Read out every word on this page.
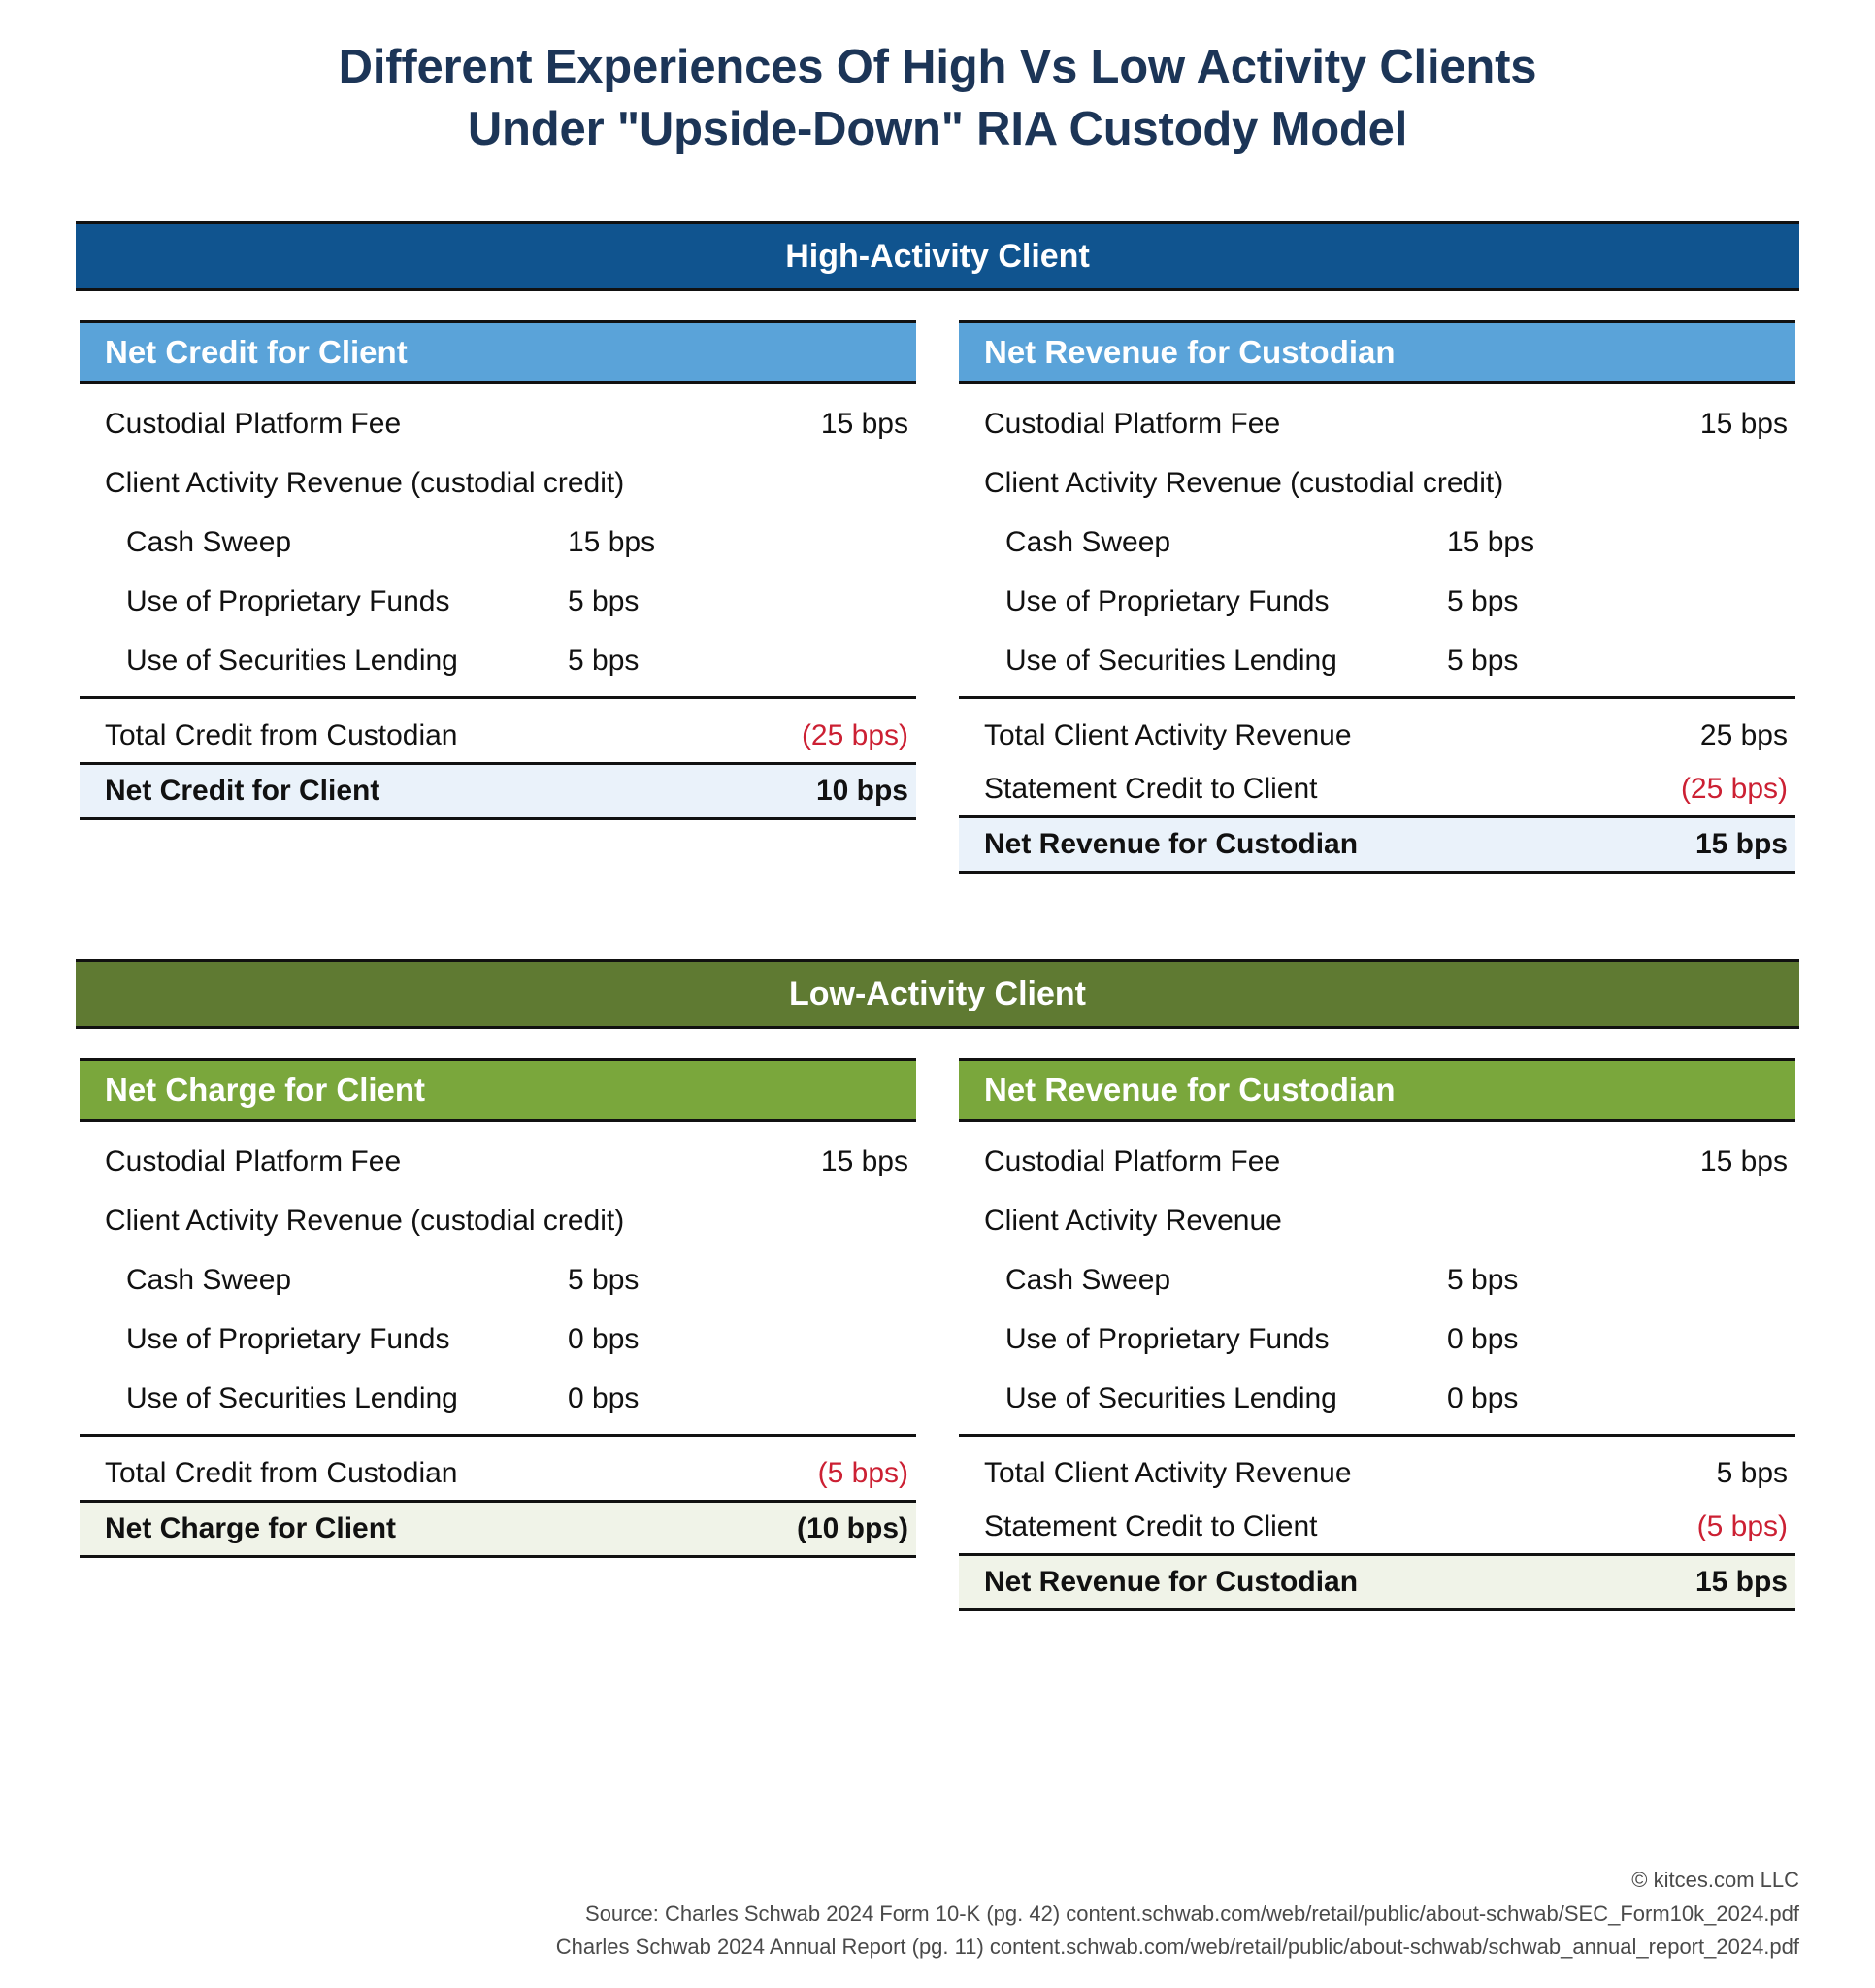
Different Experiences Of High Vs Low Activity Clients
Under "Upside-Down" RIA Custody Model
High-Activity Client
Net Credit for Client
Custodial Platform Fee	15 bps
Client Activity Revenue (custodial credit)
Cash Sweep	15 bps
Use of Proprietary Funds	5 bps
Use of Securities Lending	5 bps
Total Credit from Custodian	(25 bps)
Net Credit for Client	10 bps
Net Revenue for Custodian
Custodial Platform Fee	15 bps
Client Activity Revenue (custodial credit)
Cash Sweep	15 bps
Use of Proprietary Funds	5 bps
Use of Securities Lending	5 bps
Total Client Activity Revenue	25 bps
Statement Credit to Client	(25 bps)
Net Revenue for Custodian	15 bps
Low-Activity Client
Net Charge for Client
Custodial Platform Fee	15 bps
Client Activity Revenue (custodial credit)
Cash Sweep	5 bps
Use of Proprietary Funds	0 bps
Use of Securities Lending	0 bps
Total Credit from Custodian	(5 bps)
Net Charge for Client	(10 bps)
Net Revenue for Custodian
Custodial Platform Fee	15 bps
Client Activity Revenue
Cash Sweep	5 bps
Use of Proprietary Funds	0 bps
Use of Securities Lending	0 bps
Total Client Activity Revenue	5 bps
Statement Credit to Client	(5 bps)
Net Revenue for Custodian	15 bps
© kitces.com LLC
Source: Charles Schwab 2024 Form 10-K (pg. 42) content.schwab.com/web/retail/public/about-schwab/SEC_Form10k_2024.pdf
Charles Schwab 2024 Annual Report (pg. 11) content.schwab.com/web/retail/public/about-schwab/schwab_annual_report_2024.pdf
